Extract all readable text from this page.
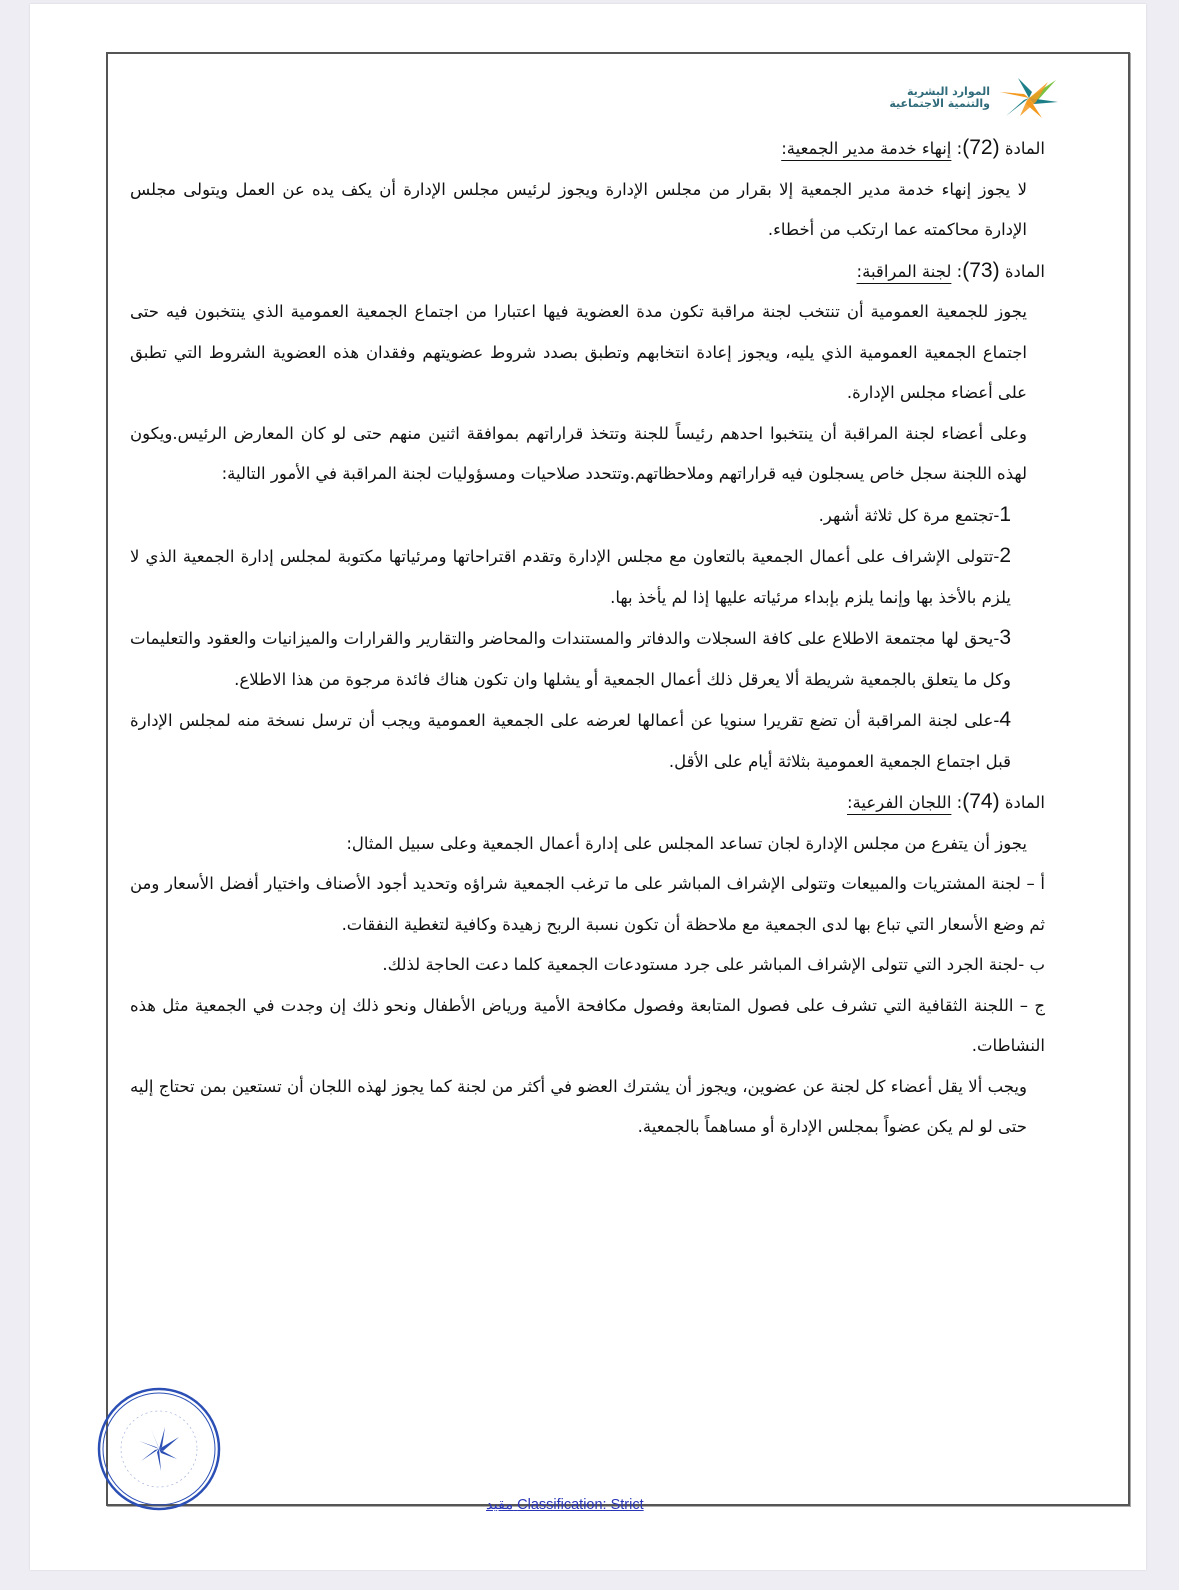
الموارد البشرية
والتنمية الاجتماعية

المادة (72): إنهاء خدمة مدير الجمعية:

لا يجوز إنهاء خدمة مدير الجمعية إلا بقرار من مجلس الإدارة ويجوز لرئيس مجلس الإدارة أن يكف يده عن العمل ويتولى مجلس الإدارة محاكمته عما ارتكب من أخطاء.

المادة (73): لجنة المراقبة:

يجوز للجمعية العمومية أن تنتخب لجنة مراقبة تكون مدة العضوية فيها اعتبارا من اجتماع الجمعية العمومية الذي ينتخبون فيه حتى اجتماع الجمعية العمومية الذي يليه، ويجوز إعادة انتخابهم وتطبق بصدد شروط عضويتهم وفقدان هذه العضوية الشروط التي تطبق على أعضاء مجلس الإدارة.

وعلى أعضاء لجنة المراقبة أن ينتخبوا احدهم رئيساً للجنة وتتخذ قراراتهم بموافقة اثنين منهم حتى لو كان المعارض الرئيس.ويكون لهذه اللجنة سجل خاص يسجلون فيه قراراتهم وملاحظاتهم.وتتحدد صلاحيات ومسؤوليات لجنة المراقبة في الأمور التالية:

1-تجتمع مرة كل ثلاثة أشهر.

2-تتولى الإشراف على أعمال الجمعية بالتعاون مع مجلس الإدارة وتقدم اقتراحاتها ومرئياتها مكتوبة لمجلس إدارة الجمعية الذي لا يلزم بالأخذ بها وإنما يلزم بإبداء مرئياته عليها إذا لم يأخذ بها.

3-يحق لها مجتمعة الاطلاع على كافة السجلات والدفاتر والمستندات والمحاضر والتقارير والقرارات والميزانيات والعقود والتعليمات وكل ما يتعلق بالجمعية شريطة ألا يعرقل ذلك أعمال الجمعية أو يشلها وان تكون هناك فائدة مرجوة من هذا الاطلاع.

4-على لجنة المراقبة أن تضع تقريرا سنويا عن أعمالها لعرضه على الجمعية العمومية ويجب أن ترسل نسخة منه لمجلس الإدارة قبل اجتماع الجمعية العمومية بثلاثة أيام على الأقل.

المادة (74): اللجان الفرعية:

يجوز أن يتفرع من مجلس الإدارة لجان تساعد المجلس على إدارة أعمال الجمعية وعلى سبيل المثال:

أ – لجنة المشتريات والمبيعات وتتولى الإشراف المباشر على ما ترغب الجمعية شراؤه وتحديد أجود الأصناف واختيار أفضل الأسعار ومن ثم وضع الأسعار التي تباع بها لدى الجمعية مع ملاحظة أن تكون نسبة الربح زهيدة وكافية لتغطية النفقات.

ب -لجنة الجرد التي تتولى الإشراف المباشر على جرد مستودعات الجمعية كلما دعت الحاجة لذلك.

ج – اللجنة الثقافية التي تشرف على فصول المتابعة وفصول مكافحة الأمية ورياض الأطفال ونحو ذلك إن وجدت في الجمعية مثل هذه النشاطات.

ويجب ألا يقل أعضاء كل لجنة عن عضوين، ويجوز أن يشترك العضو في أكثر من لجنة كما يجوز لهذه اللجان أن تستعين بمن تحتاج إليه حتى لو لم يكن عضواً بمجلس الإدارة أو مساهماً بالجمعية.

مقيد Classification: Strict
